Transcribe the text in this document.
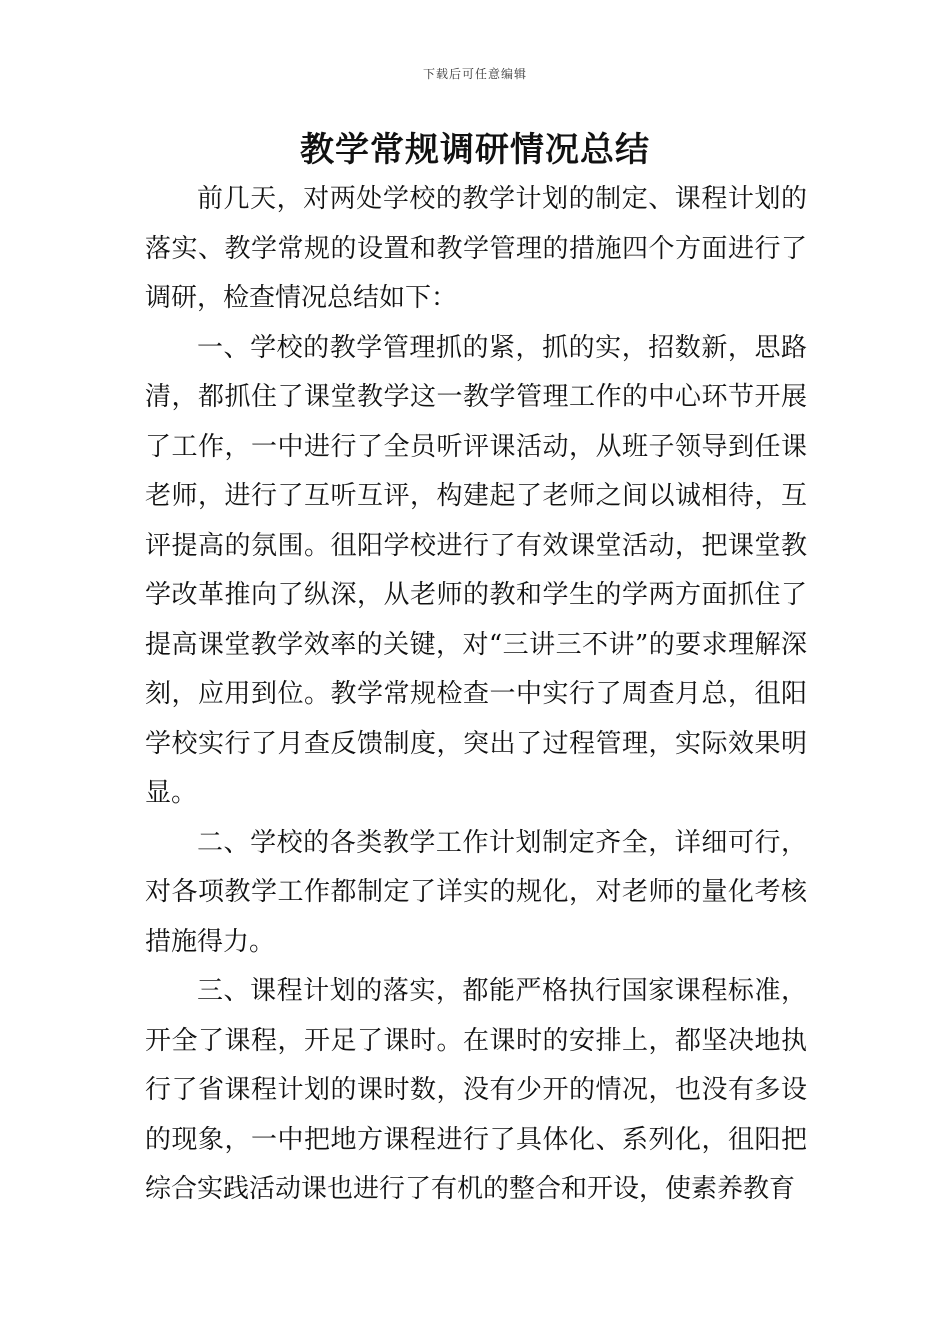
下载后可任意编辑
教学常规调研情况总结

前几天，对两处学校的教学计划的制定、课程计划的落实、教学常规的设置和教学管理的措施四个方面进行了调研，检查情况总结如下：

一、学校的教学管理抓的紧，抓的实，招数新，思路清，都抓住了课堂教学这一教学管理工作的中心环节开展了工作，一中进行了全员听评课活动，从班子领导到任课老师，进行了互听互评，构建起了老师之间以诚相待，互评提高的氛围。徂阳学校进行了有效课堂活动，把课堂教学改革推向了纵深，从老师的教和学生的学两方面抓住了提高课堂教学效率的关键，对“三讲三不讲”的要求理解深刻，应用到位。教学常规检查一中实行了周查月总，徂阳学校实行了月查反馈制度，突出了过程管理，实际效果明显。

二、学校的各类教学工作计划制定齐全，详细可行，对各项教学工作都制定了详实的规化，对老师的量化考核措施得力。

三、课程计划的落实，都能严格执行国家课程标准，开全了课程，开足了课时。在课时的安排上，都坚决地执行了省课程计划的课时数，没有少开的情况，也没有多设的现象，一中把地方课程进行了具体化、系列化，徂阳把综合实践活动课也进行了有机的整合和开设，使素养教育
